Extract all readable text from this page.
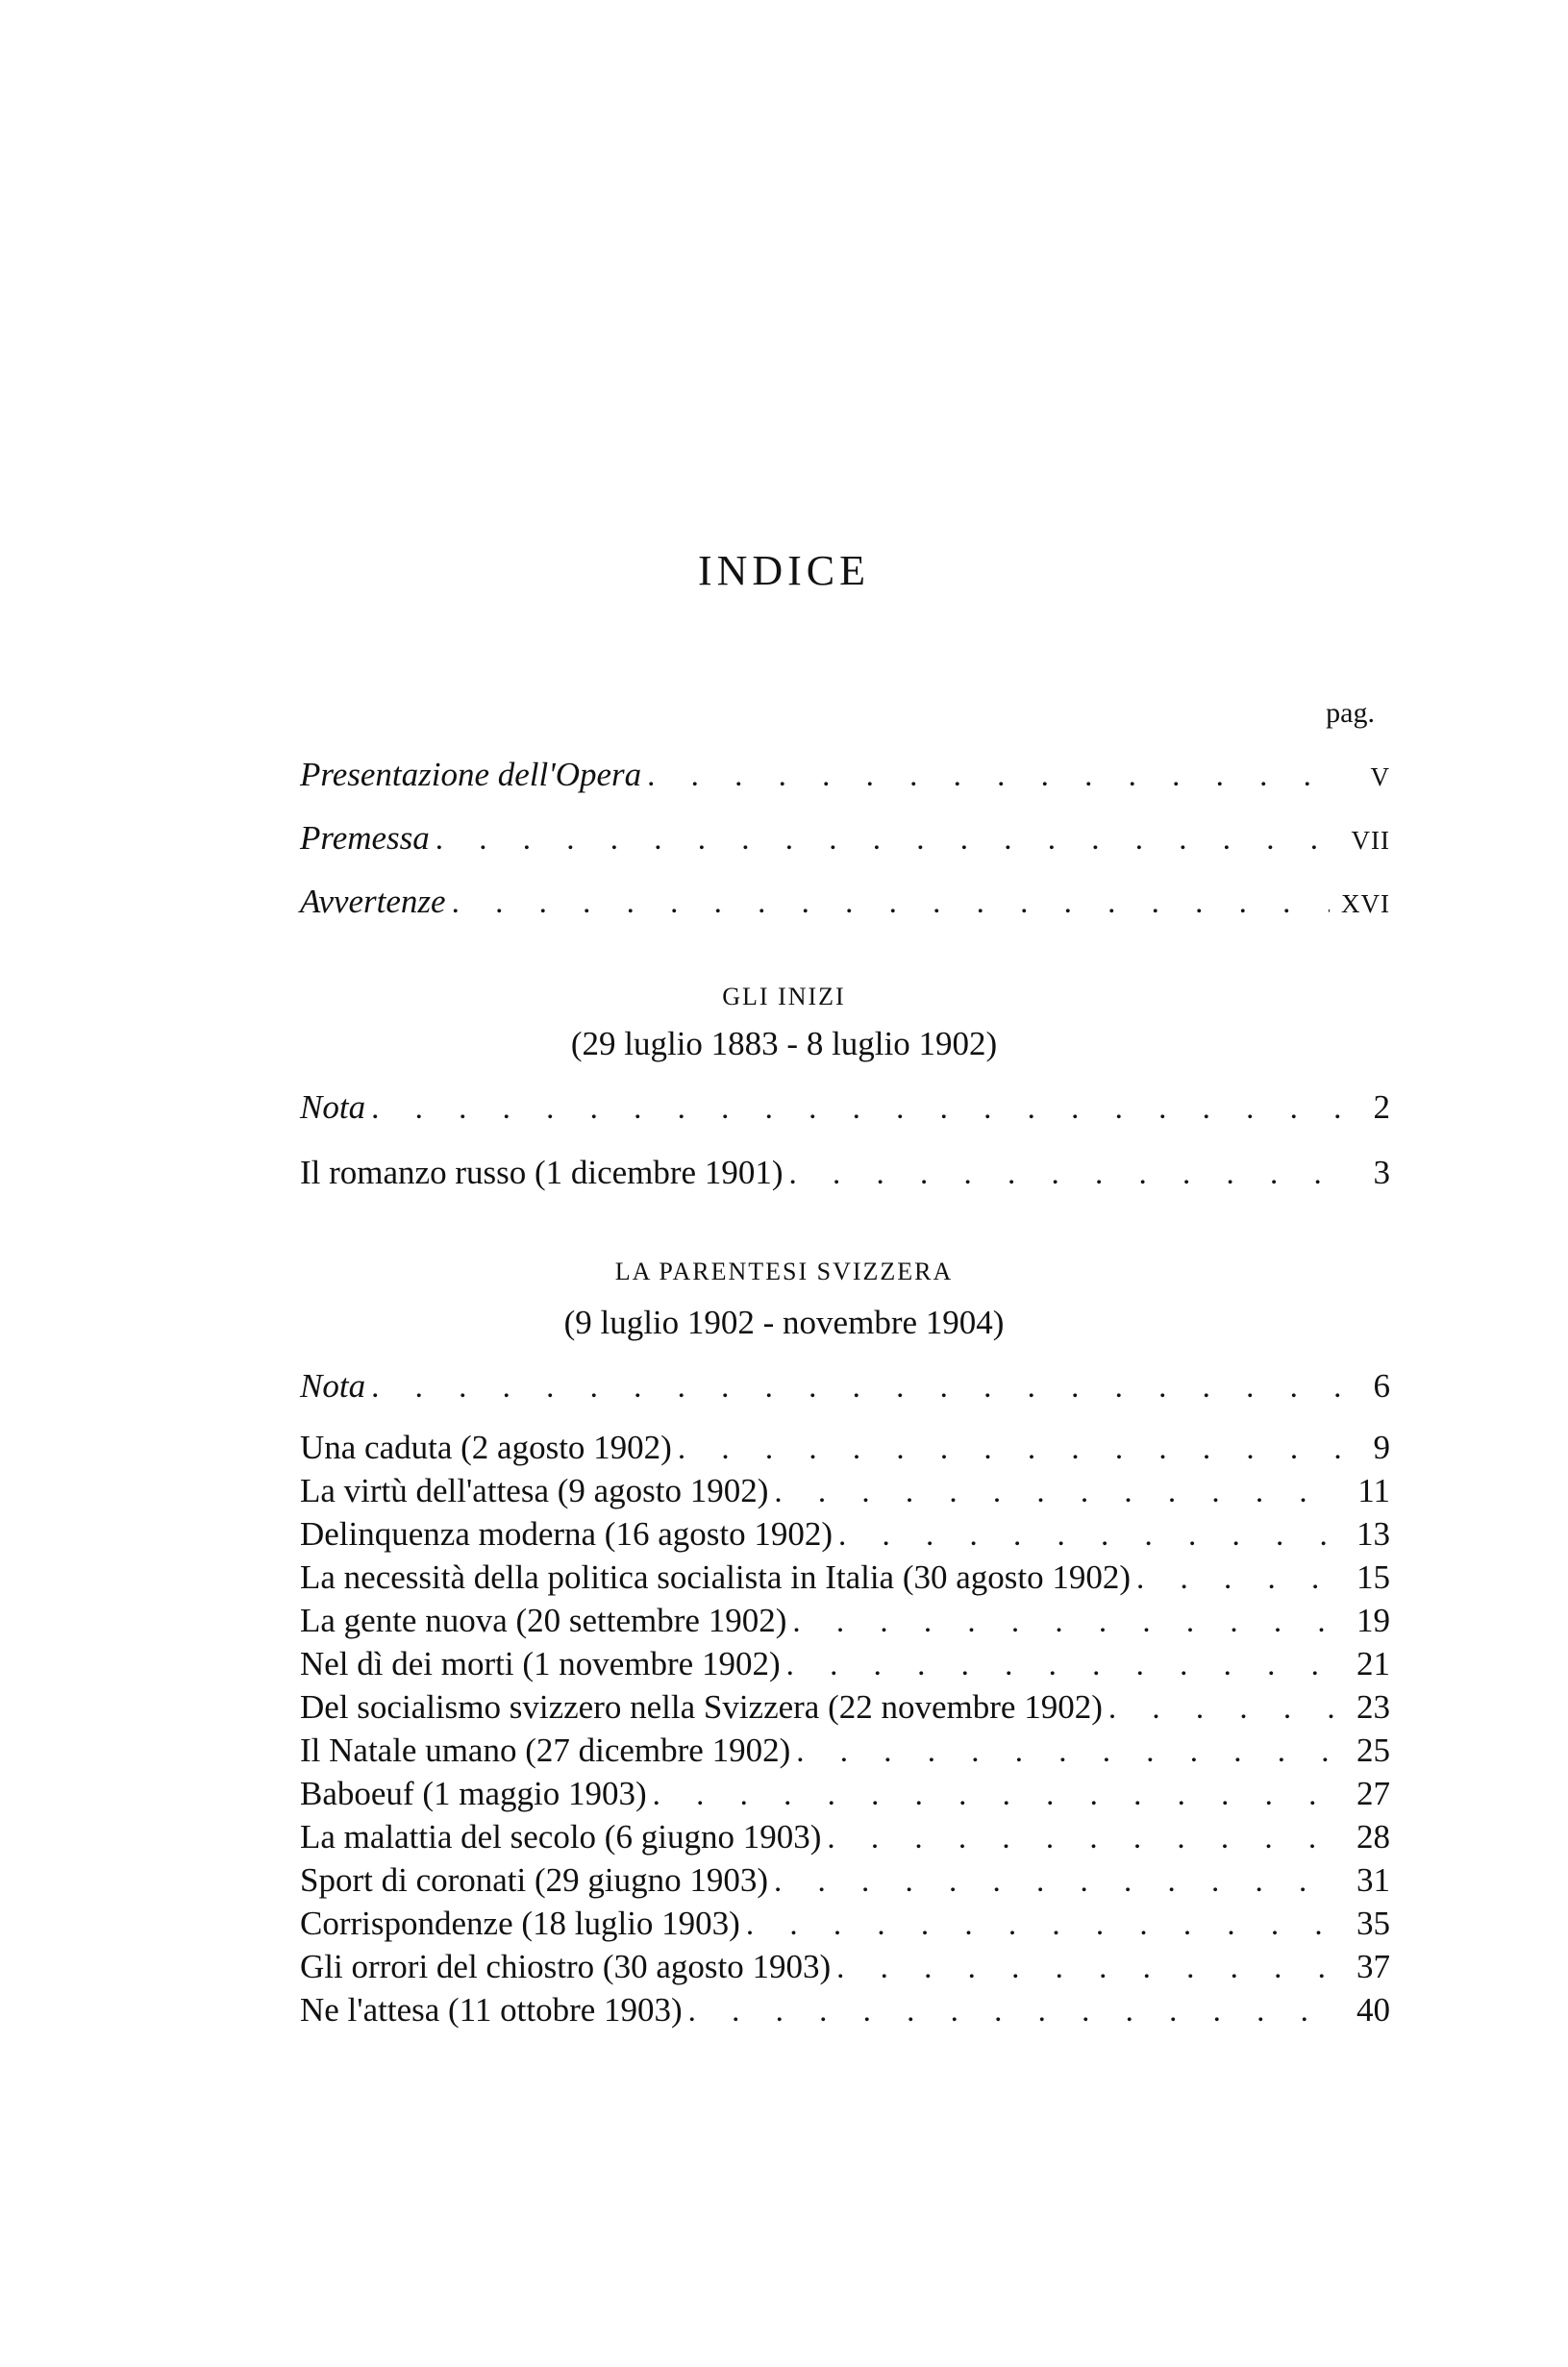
INDICE
pag.
Presentazione dell'Opera . . .	V
Premessa . . .	VII
Avvertenze . . .	XVI
GLI INIZI
(29 luglio 1883 - 8 luglio 1902)
Nota . . .	2
Il romanzo russo (1 dicembre 1901) . . .	3
LA PARENTESI SVIZZERA
(9 luglio 1902 - novembre 1904)
Nota . . .	6
Una caduta (2 agosto 1902) . . .	9
La virtù dell'attesa (9 agosto 1902) . . .	11
Delinquenza moderna (16 agosto 1902) . . .	13
La necessità della politica socialista in Italia (30 agosto 1902) . . .	15
La gente nuova (20 settembre 1902) . . .	19
Nel dì dei morti (1 novembre 1902) . . .	21
Del socialismo svizzero nella Svizzera (22 novembre 1902) . . .	23
Il Natale umano (27 dicembre 1902) . . .	25
Baboeuf (1 maggio 1903) . . .	27
La malattia del secolo (6 giugno 1903) . . .	28
Sport di coronati (29 giugno 1903) . . .	31
Corrispondenze (18 luglio 1903) . . .	35
Gli orrori del chiostro (30 agosto 1903) . . .	37
Ne l'attesa (11 ottobre 1903) . . .	40
